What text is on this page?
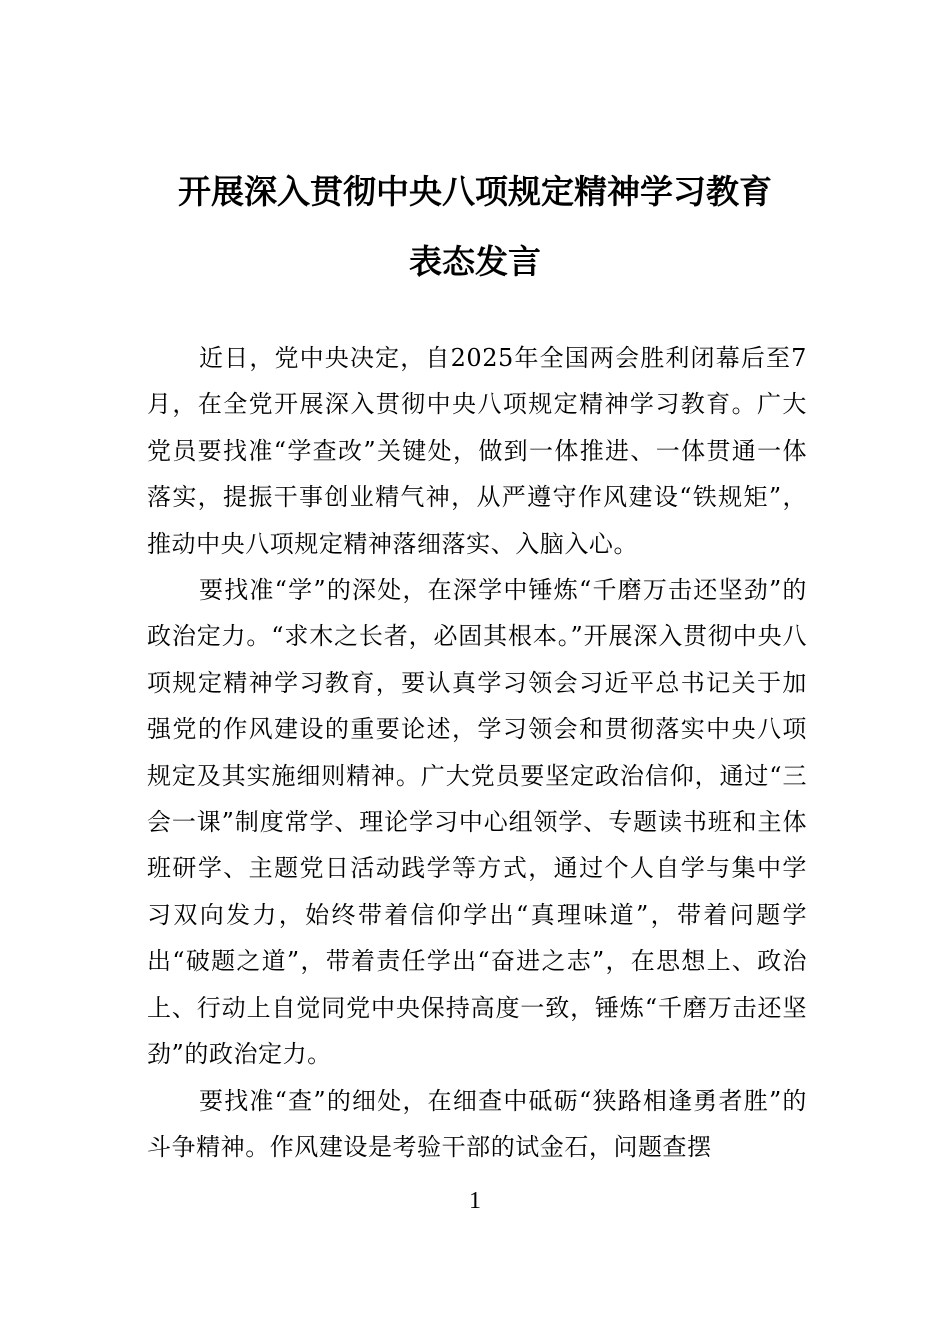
开展深入贯彻中央八项规定精神学习教育
表态发言

近日，党中央决定，自2025年全国两会胜利闭幕后至7月，在全党开展深入贯彻中央八项规定精神学习教育。广大党员要找准“学查改”关键处，做到一体推进、一体贯通一体落实，提振干事创业精气神，从严遵守作风建设“铁规矩”，推动中央八项规定精神落细落实、入脑入心。

要找准“学”的深处，在深学中锤炼“千磨万击还坚劲”的政治定力。“求木之长者，必固其根本。”开展深入贯彻中央八项规定精神学习教育，要认真学习领会习近平总书记关于加强党的作风建设的重要论述，学习领会和贯彻落实中央八项规定及其实施细则精神。广大党员要坚定政治信仰，通过“三会一课”制度常学、理论学习中心组领学、专题读书班和主体班研学、主题党日活动践学等方式，通过个人自学与集中学习双向发力，始终带着信仰学出“真理味道”，带着问题学出“破题之道”，带着责任学出“奋进之志”，在思想上、政治上、行动上自觉同党中央保持高度一致，锤炼“千磨万击还坚劲”的政治定力。

要找准“查”的细处，在细查中砥砺“狭路相逢勇者胜”的斗争精神。作风建设是考验干部的试金石，问题查摆

1
